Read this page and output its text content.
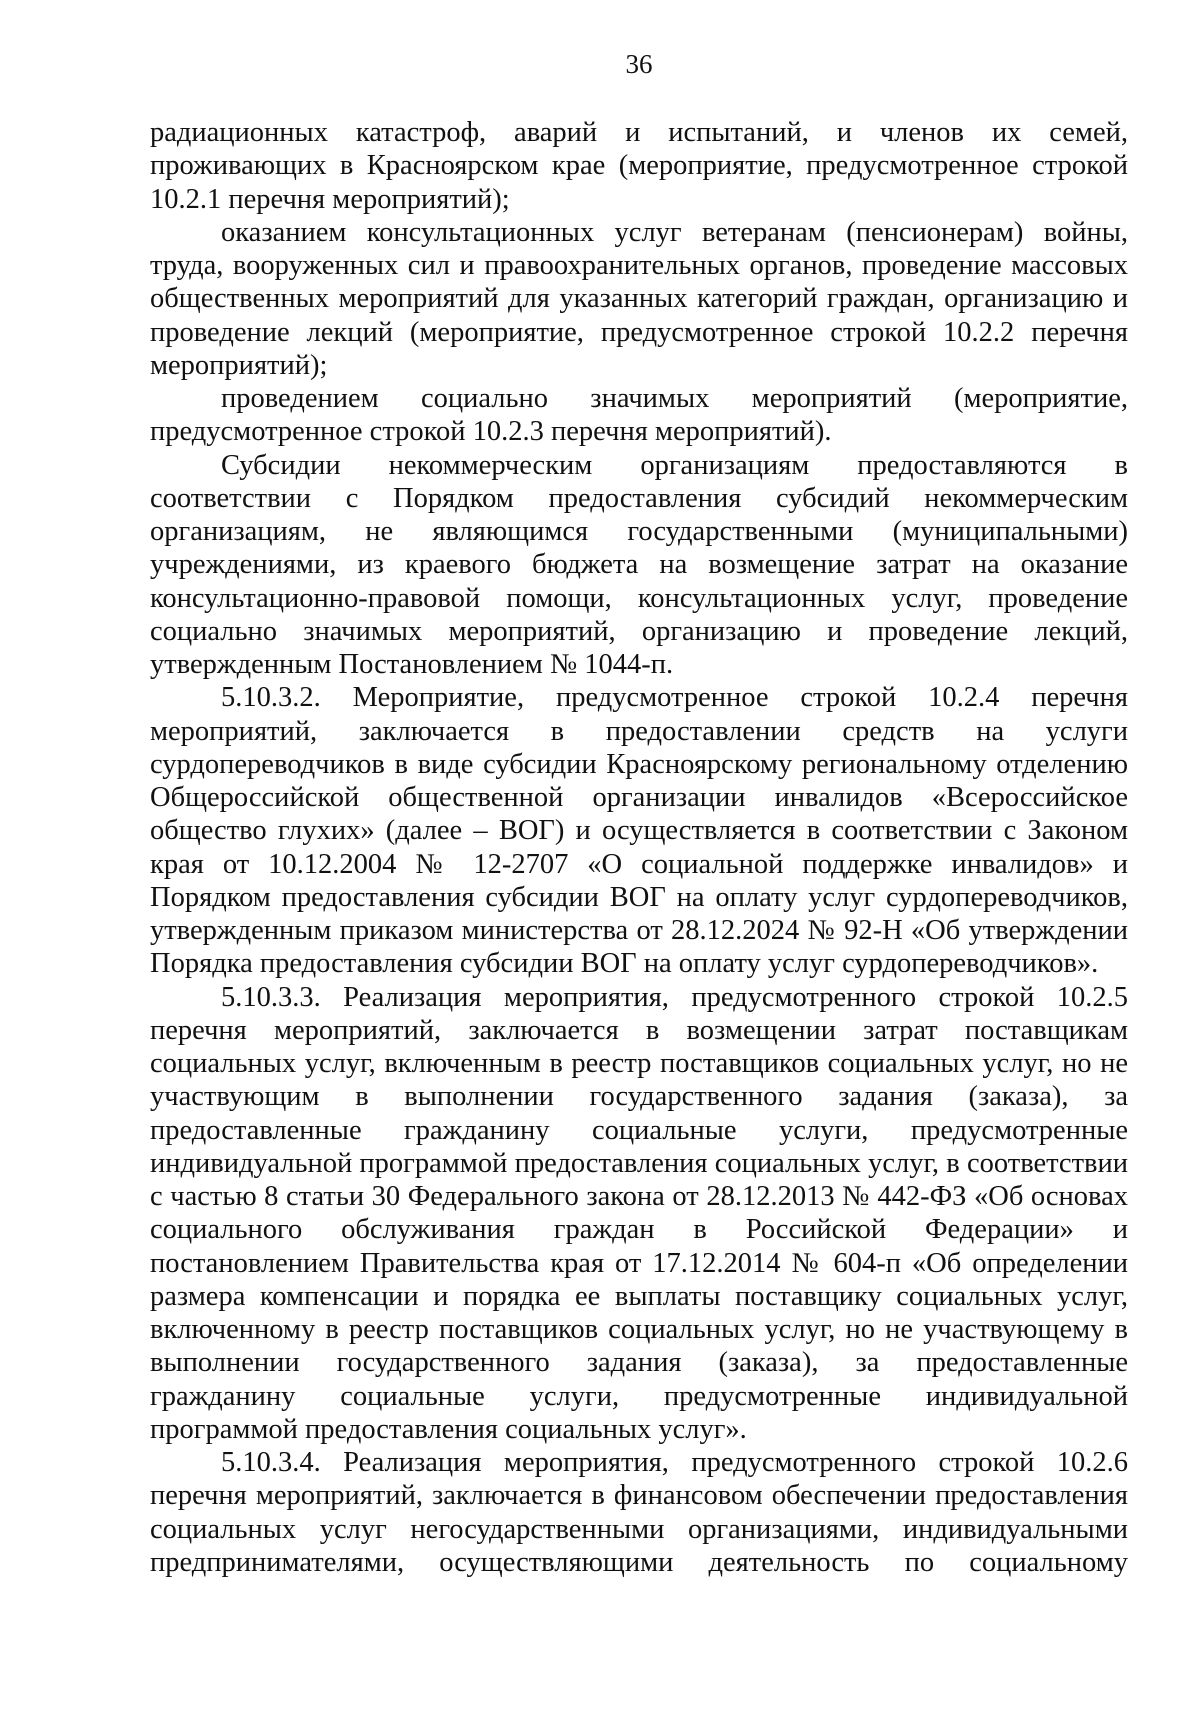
36

радиационных катастроф, аварий и испытаний, и членов их семей, проживающих в Красноярском крае (мероприятие, предусмотренное строкой 10.2.1 перечня мероприятий);

оказанием консультационных услуг ветеранам (пенсионерам) войны, труда, вооруженных сил и правоохранительных органов, проведение массовых общественных мероприятий для указанных категорий граждан, организацию и проведение лекций (мероприятие, предусмотренное строкой 10.2.2 перечня мероприятий);

проведением социально значимых мероприятий (мероприятие, предусмотренное строкой 10.2.3 перечня мероприятий).

Субсидии некоммерческим организациям предоставляются в соответствии с Порядком предоставления субсидий некоммерческим организациям, не являющимся государственными (муниципальными) учреждениями, из краевого бюджета на возмещение затрат на оказание консультационно-правовой помощи, консультационных услуг, проведение социально значимых мероприятий, организацию и проведение лекций, утвержденным Постановлением № 1044-п.

5.10.3.2. Мероприятие, предусмотренное строкой 10.2.4 перечня мероприятий, заключается в предоставлении средств на услуги сурдопереводчиков в виде субсидии Красноярскому региональному отделению Общероссийской общественной организации инвалидов «Всероссийское общество глухих» (далее – ВОГ) и осуществляется в соответствии с Законом края от 10.12.2004 № 12-2707 «О социальной поддержке инвалидов» и Порядком предоставления субсидии ВОГ на оплату услуг сурдопереводчиков, утвержденным приказом министерства от 28.12.2024 № 92-Н «Об утверждении Порядка предоставления субсидии ВОГ на оплату услуг сурдопереводчиков».

5.10.3.3. Реализация мероприятия, предусмотренного строкой 10.2.5 перечня мероприятий, заключается в возмещении затрат поставщикам социальных услуг, включенным в реестр поставщиков социальных услуг, но не участвующим в выполнении государственного задания (заказа), за предоставленные гражданину социальные услуги, предусмотренные индивидуальной программой предоставления социальных услуг, в соответствии с частью 8 статьи 30 Федерального закона от 28.12.2013 № 442-ФЗ «Об основах социального обслуживания граждан в Российской Федерации» и постановлением Правительства края от 17.12.2014 № 604-п «Об определении размера компенсации и порядка ее выплаты поставщику социальных услуг, включенному в реестр поставщиков социальных услуг, но не участвующему в выполнении государственного задания (заказа), за предоставленные гражданину социальные услуги, предусмотренные индивидуальной программой предоставления социальных услуг».

5.10.3.4. Реализация мероприятия, предусмотренного строкой 10.2.6 перечня мероприятий, заключается в финансовом обеспечении предоставления социальных услуг негосударственными организациями, индивидуальными предпринимателями, осуществляющими деятельность по социальному
